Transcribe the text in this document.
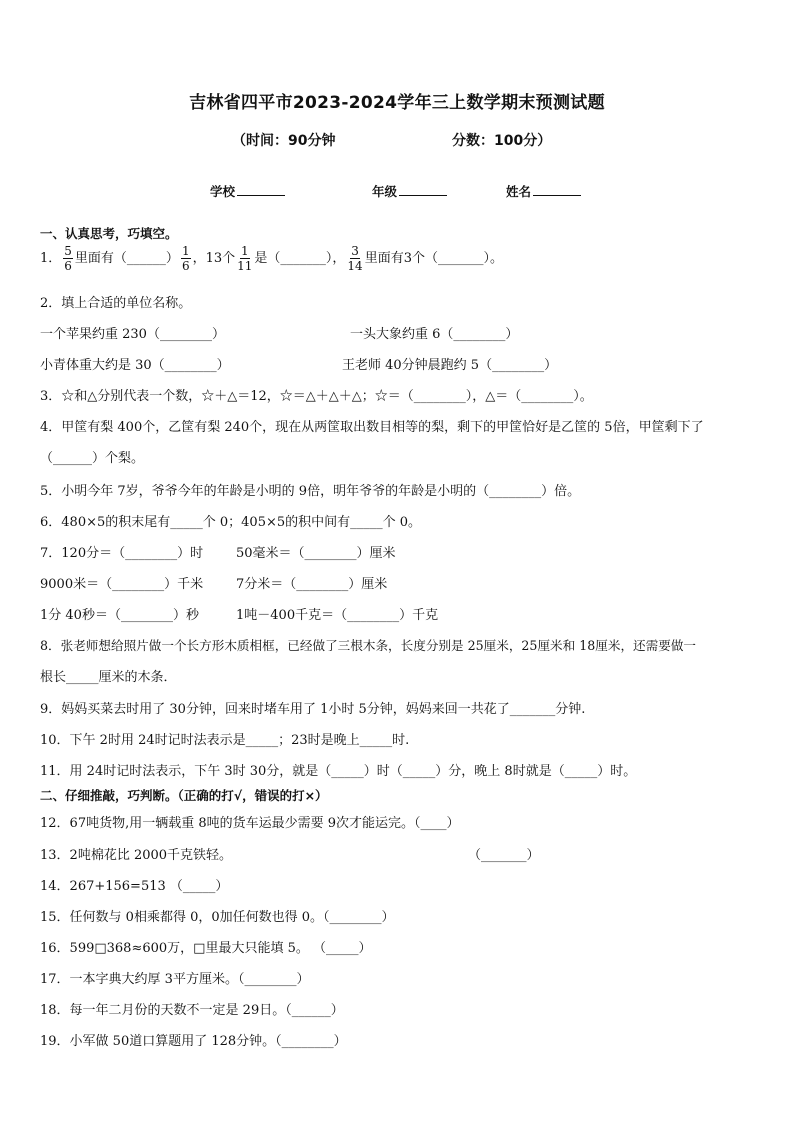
吉林省四平市2023-2024学年三上数学期末预测试题
（时间：90分钟	分数：100分）
学校	年级	姓名
一、认真思考，巧填空。
1． $\frac{5}{6}$ 里面有（______） $\frac{1}{6}$ ，13个 $\frac{1}{11}$ 是（_______）， $\frac{3}{14}$ 里面有3个（_______）。
2．填上合适的单位名称。
一个苹果约重 230（________）	一头大象约重 6（________）
小青体重大约是 30（________）	王老师 40分钟晨跑约 5（________）
3．☆和△分别代表一个数，☆＋△＝12，☆＝△＋△＋△；☆＝（________），△＝（________）。
4．甲筐有梨 400个，乙筐有梨 240个，现在从两筐取出数目相等的梨，剩下的甲筐恰好是乙筐的 5倍，甲筐剩下了
（______）个梨。
5．小明今年 7岁，爷爷今年的年龄是小明的 9倍，明年爷爷的年龄是小明的（________）倍。
6．480×5的积末尾有_____个 0；405×5的积中间有_____个 0。
7．120分＝（________）时	50毫米＝（________）厘米
9000米＝（________）千米	7分米＝（________）厘米
1分 40秒＝（________）秒	1吨－400千克＝（________）千克
8．张老师想给照片做一个长方形木质相框，已经做了三根木条，长度分别是 25厘米，25厘米和 18厘米，还需要做一
根长_____厘米的木条．
9．妈妈买菜去时用了 30分钟，回来时堵车用了 1小时 5分钟，妈妈来回一共花了_______分钟.
10．下午 2时用 24时记时法表示是_____；23时是晚上_____时.
11．用 24时记时法表示，下午 3时 30分，就是（_____）时（_____）分，晚上 8时就是（_____）时。
二、仔细推敲，巧判断。（正确的打√，错误的打×）
12．67吨货物,用一辆载重 8吨的货车运最少需要 9次才能运完。（____）
13．2吨棉花比 2000千克铁轻。	（_______）
14．267+156=513 （_____）
15．任何数与 0相乘都得 0，0加任何数也得 0。（________）
16．599□368≈600万，□里最大只能填 5。 （_____）
17．一本字典大约厚 3平方厘米。（________）
18．每一年二月份的天数不一定是 29日。（______）
19．小军做 50道口算题用了 128分钟。（________）
